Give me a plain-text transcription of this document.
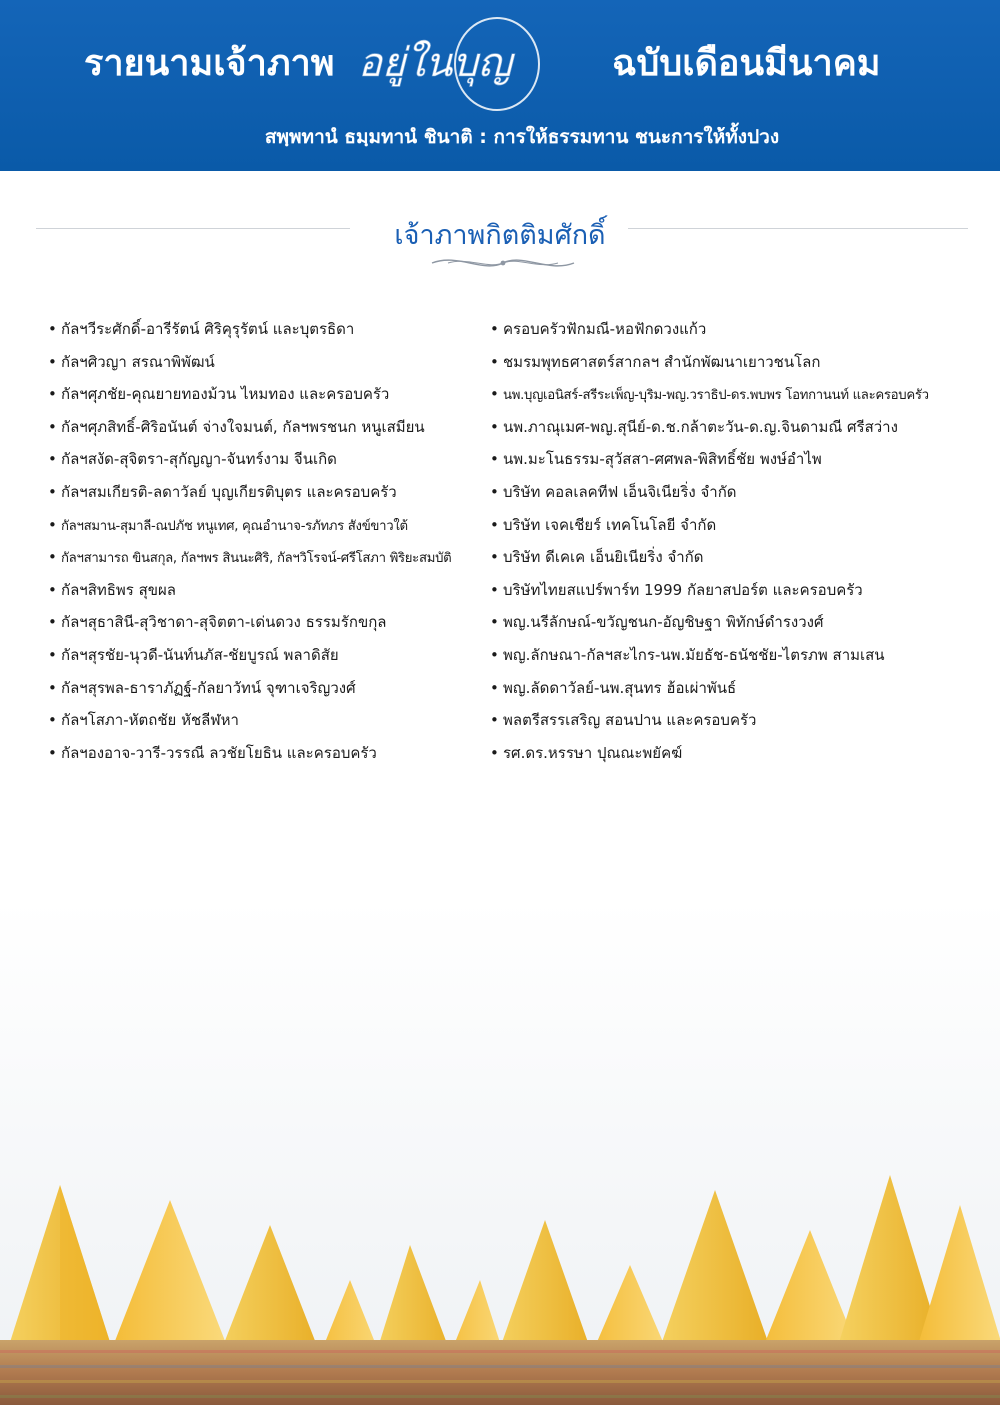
รายนามเจ้าภาพ อยู่ในบุญ	ฉบับเดือนมีนาคม
สพฺพทานํ ธมฺมทานํ ชินาติ : การให้ธรรมทาน ชนะการให้ทั้งปวง
เจ้าภาพกิตติมศักดิ์
• กัลฯวีระศักดิ์-อารีรัตน์ ศิริคุรุรัตน์ และบุตรธิดา
• กัลฯศิวญา สรณาพิพัฒน์
• กัลฯศุภชัย-คุณยายทองม้วน ไหมทอง และครอบครัว
• กัลฯศุภสิทธิ์-ศิริอนันต์ จ่างใจมนต์, กัลฯพรชนก หนูเสมียน
• กัลฯสงัด-สุจิตรา-สุกัญญา-จันทร์งาม จีนเกิด
• กัลฯสมเกียรติ-ลดาวัลย์ บุญเกียรติบุตร และครอบครัว
• กัลฯสมาน-สุมาลี-ณปภัช หนูเทศ, คุณอำนาจ-รภัทภร สังข์ขาวใต้
• กัลฯสามารถ ขินสกุล, กัลฯพร สินนะศิริ, กัลฯวิโรจน์-ศรีโสภา พิริยะสมบัติ
• กัลฯสิทธิพร สุขผล
• กัลฯสุธาสินี-สุวิชาดา-สุจิตตา-เด่นดวง ธรรมรักขกุล
• กัลฯสุรชัย-นุวดี-นันท์นภัส-ชัยบูรณ์ พลาดิสัย
• กัลฯสุรพล-ธาราภัฏฐ์-กัลยาวัทน์ จุฑาเจริญวงศ์
• กัลฯโสภา-หัตถชัย หัชลีฬหา
• กัลฯองอาจ-วารี-วรรณี ลวชัยโยธิน และครอบครัว
• ครอบครัวฟักมณี-หอฟักดวงแก้ว
• ชมรมพุทธศาสตร์สากลฯ สำนักพัฒนาเยาวชนโลก
• นพ.บุญเอนิสร์-สรีระเพ็ญ-บุริม-พญ.วราธิป-ดร.พบพร โอทกานนท์ และครอบครัว
• นพ.ภาณุเมศ-พญ.สุนีย์-ด.ช.กล้าตะวัน-ด.ญ.จินดามณี ศรีสว่าง
• นพ.มะโนธรรม-สุวัสสา-ศศพล-พิสิทธิ์ชัย พงษ์อำไพ
• บริษัท คอลเลคทีฟ เอ็นจิเนียริ่ง จำกัด
• บริษัท เจคเชียร์ เทคโนโลยี จำกัด
• บริษัท ดีเคเค เอ็นยิเนียริ่ง จำกัด
• บริษัทไทยสแปร์พาร์ท 1999 กัลยาสปอร์ต และครอบครัว
• พญ.นรีลักษณ์-ขวัญชนก-อัญชิษฐา พิทักษ์ดำรงวงศ์
• พญ.ลักษณา-กัลฯสะไกร-นพ.มัยธัช-ธนัชชัย-ไตรภพ สามเสน
• พญ.ลัดดาวัลย์-นพ.สุนทร ฮ้อเผ่าพันธ์
• พลตรีสรรเสริญ สอนปาน และครอบครัว
• รศ.ดร.หรรษา ปุณณะพยัคฆ์
